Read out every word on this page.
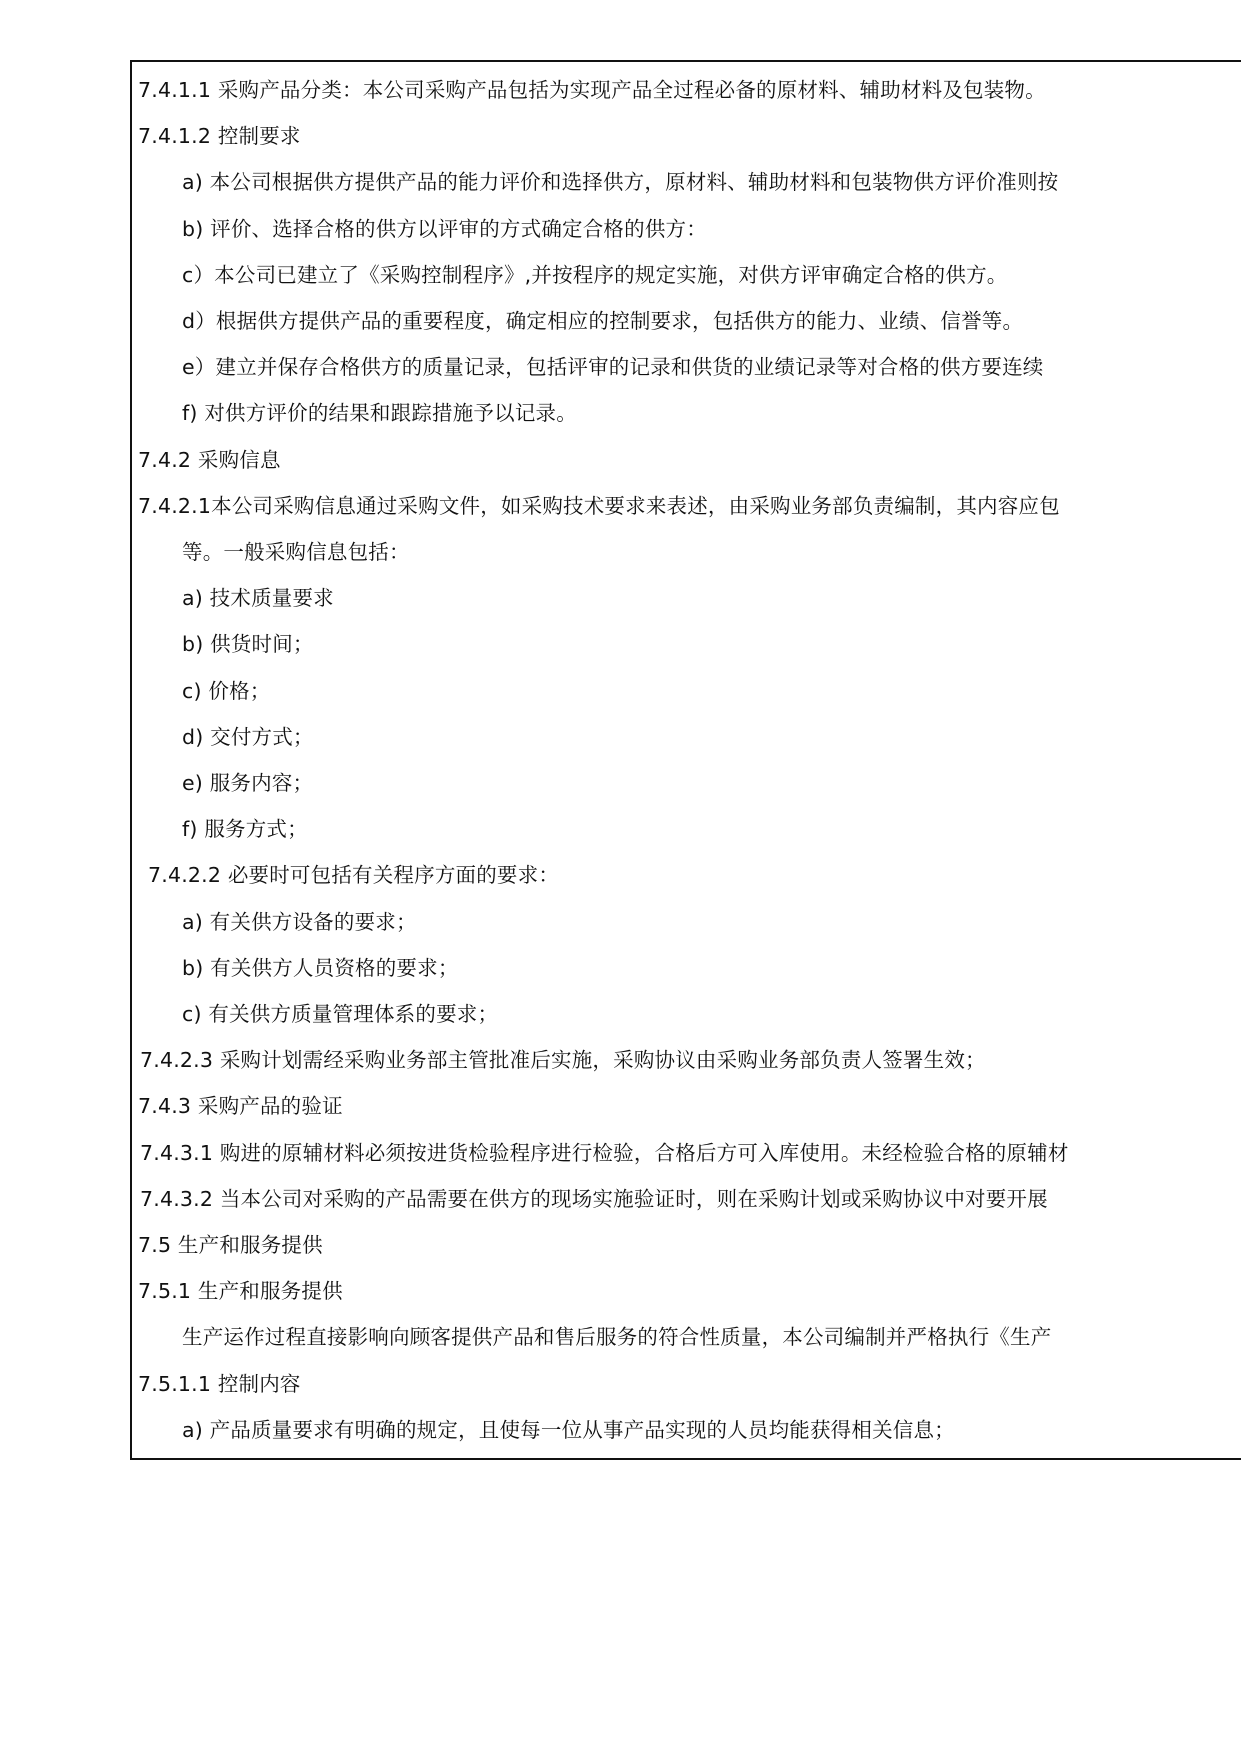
7.4.1.1 采购产品分类：本公司采购产品包括为实现产品全过程必备的原材料、辅助材料及包装物。
7.4.1.2 控制要求
a) 本公司根据供方提供产品的能力评价和选择供方，原材料、辅助材料和包装物供方评价准则按
b) 评价、选择合格的供方以评审的方式确定合格的供方：
c）本公司已建立了《采购控制程序》,并按程序的规定实施，对供方评审确定合格的供方。
d）根据供方提供产品的重要程度，确定相应的控制要求，包括供方的能力、业绩、信誉等。
e）建立并保存合格供方的质量记录，包括评审的记录和供货的业绩记录等对合格的供方要连续
f) 对供方评价的结果和跟踪措施予以记录。
7.4.2 采购信息
7.4.2.1本公司采购信息通过采购文件，如采购技术要求来表述，由采购业务部负责编制，其内容应包
等。一般采购信息包括：
a) 技术质量要求
b) 供货时间；
c) 价格；
d) 交付方式；
e) 服务内容；
f) 服务方式；
7.4.2.2 必要时可包括有关程序方面的要求：
a) 有关供方设备的要求；
b) 有关供方人员资格的要求；
c) 有关供方质量管理体系的要求；
7.4.2.3 采购计划需经采购业务部主管批准后实施，采购协议由采购业务部负责人签署生效；
7.4.3 采购产品的验证
7.4.3.1 购进的原辅材料必须按进货检验程序进行检验，合格后方可入库使用。未经检验合格的原辅材
7.4.3.2 当本公司对采购的产品需要在供方的现场实施验证时，则在采购计划或采购协议中对要开展
7.5 生产和服务提供
7.5.1 生产和服务提供
生产运作过程直接影响向顾客提供产品和售后服务的符合性质量，本公司编制并严格执行《生产
7.5.1.1 控制内容
a) 产品质量要求有明确的规定，且使每一位从事产品实现的人员均能获得相关信息；
